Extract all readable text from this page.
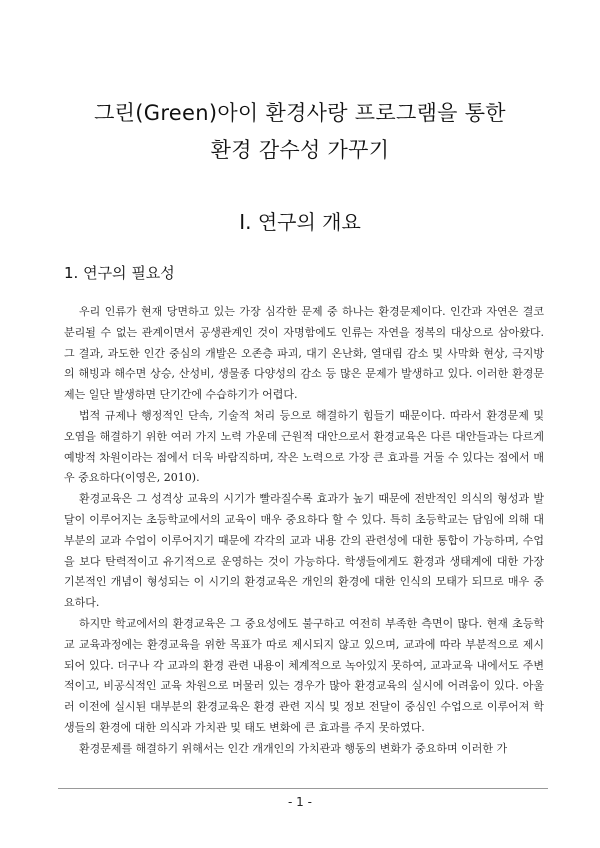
그린(Green)아이 환경사랑 프로그램을 통한
환경 감수성 가꾸기
Ⅰ. 연구의 개요
1. 연구의 필요성

우리 인류가 현재 당면하고 있는 가장 심각한 문제 중 하나는 환경문제이다. 인간과 자연은 결코 분리될 수 없는 관계이면서 공생관계인 것이 자명함에도 인류는 자연을 정복의 대상으로 삼아왔다. 그 결과, 과도한 인간 중심의 개발은 오존층 파괴, 대기 온난화, 열대림 감소 및 사막화 현상, 극지방의 해빙과 해수면 상승, 산성비, 생물종 다양성의 감소 등 많은 문제가 발생하고 있다. 이러한 환경문제는 일단 발생하면 단기간에 수습하기가 어렵다.

법적 규제나 행정적인 단속, 기술적 처리 등으로 해결하기 힘들기 때문이다. 따라서 환경문제 및 오염을 해결하기 위한 여러 가지 노력 가운데 근원적 대안으로서 환경교육은 다른 대안들과는 다르게 예방적 차원이라는 점에서 더욱 바람직하며, 작은 노력으로 가장 큰 효과를 거둘 수 있다는 점에서 매우 중요하다(이영은, 2010).

환경교육은 그 성격상 교육의 시기가 빨라질수록 효과가 높기 때문에 전반적인 의식의 형성과 발달이 이루어지는 초등학교에서의 교육이 매우 중요하다 할 수 있다. 특히 초등학교는 담임에 의해 대부분의 교과 수업이 이루어지기 때문에 각각의 교과 내용 간의 관련성에 대한 통합이 가능하며, 수업을 보다 탄력적이고 유기적으로 운영하는 것이 가능하다. 학생들에게도 환경과 생태계에 대한 가장 기본적인 개념이 형성되는 이 시기의 환경교육은 개인의 환경에 대한 인식의 모태가 되므로 매우 중요하다.

하지만 학교에서의 환경교육은 그 중요성에도 불구하고 여전히 부족한 측면이 많다. 현재 초등학교 교육과정에는 환경교육을 위한 목표가 따로 제시되지 않고 있으며, 교과에 따라 부분적으로 제시되어 있다. 더구나 각 교과의 환경 관련 내용이 체계적으로 녹아있지 못하여, 교과교육 내에서도 주변적이고, 비공식적인 교육 차원으로 머물러 있는 경우가 많아 환경교육의 실시에 어려움이 있다. 아울러 이전에 실시된 대부분의 환경교육은 환경 관련 지식 및 정보 전달이 중심인 수업으로 이루어져 학생들의 환경에 대한 의식과 가치관 및 태도 변화에 큰 효과를 주지 못하였다.

환경문제를 해결하기 위해서는 인간 개개인의 가치관과 행동의 변화가 중요하며 이러한 가

- 1 -
